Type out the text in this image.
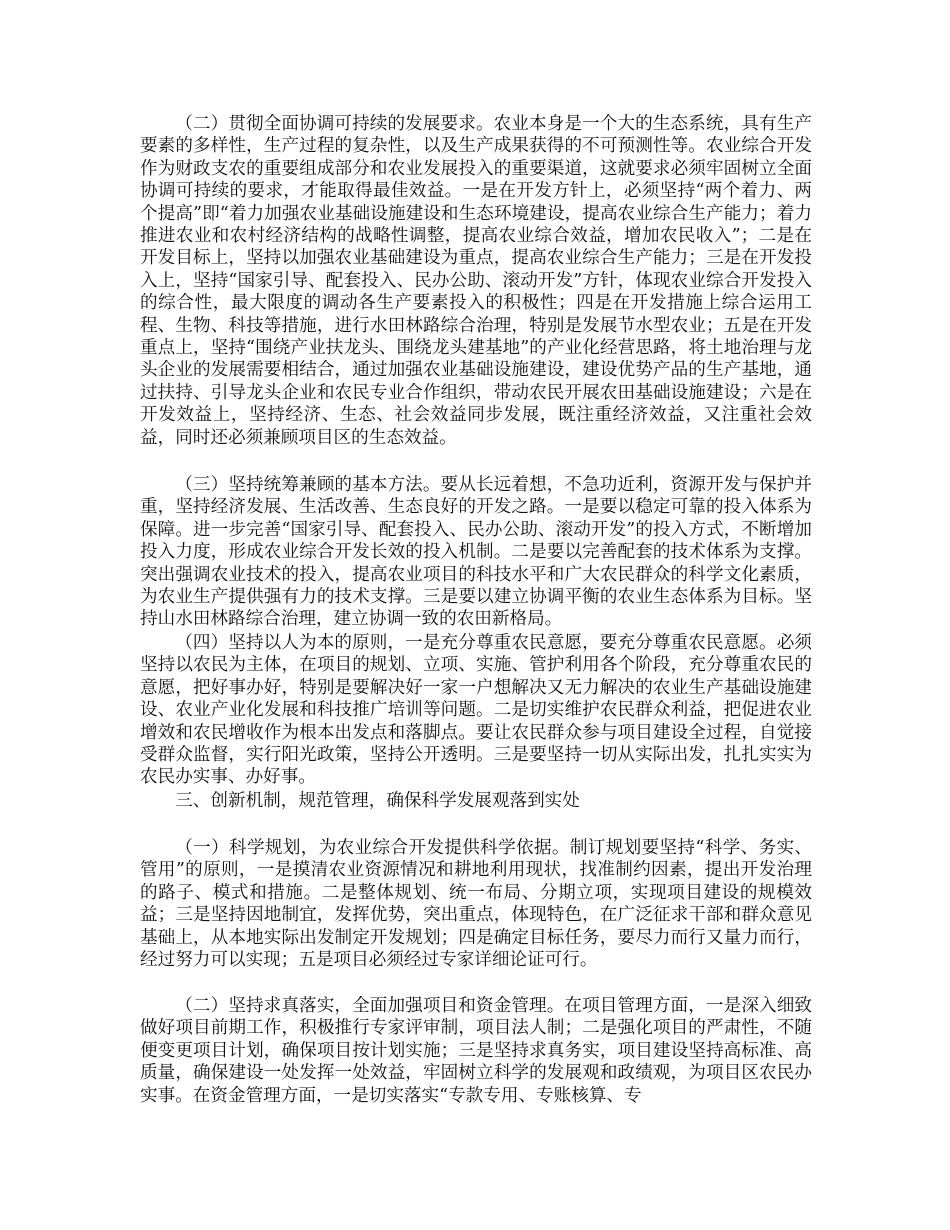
（二）贯彻全面协调可持续的发展要求。农业本身是一个大的生态系统，具有生产要素的多样性，生产过程的复杂性，以及生产成果获得的不可预测性等。农业综合开发作为财政支农的重要组成部分和农业发展投入的重要渠道，这就要求必须牢固树立全面协调可持续的要求，才能取得最佳效益。一是在开发方针上，必须坚持“两个着力、两个提高”即“着力加强农业基础设施建设和生态环境建设，提高农业综合生产能力；着力推进农业和农村经济结构的战略性调整，提高农业综合效益，增加农民收入”；二是在开发目标上，坚持以加强农业基础建设为重点，提高农业综合生产能力；三是在开发投入上，坚持“国家引导、配套投入、民办公助、滚动开发”方针，体现农业综合开发投入的综合性，最大限度的调动各生产要素投入的积极性；四是在开发措施上综合运用工程、生物、科技等措施，进行水田林路综合治理，特别是发展节水型农业；五是在开发重点上，坚持“围绕产业扶龙头、围绕龙头建基地”的产业化经营思路，将土地治理与龙头企业的发展需要相结合，通过加强农业基础设施建设，建设优势产品的生产基地，通过扶持、引导龙头企业和农民专业合作组织，带动农民开展农田基础设施建设；六是在开发效益上，坚持经济、生态、社会效益同步发展，既注重经济效益，又注重社会效益，同时还必须兼顾项目区的生态效益。

（三）坚持统筹兼顾的基本方法。要从长远着想，不急功近利，资源开发与保护并重，坚持经济发展、生活改善、生态良好的开发之路。一是要以稳定可靠的投入体系为保障。进一步完善“国家引导、配套投入、民办公助、滚动开发”的投入方式，不断增加投入力度，形成农业综合开发长效的投入机制。二是要以完善配套的技术体系为支撑。突出强调农业技术的投入，提高农业项目的科技水平和广大农民群众的科学文化素质，为农业生产提供强有力的技术支撑。三是要以建立协调平衡的农业生态体系为目标。坚持山水田林路综合治理，建立协调一致的农田新格局。

（四）坚持以人为本的原则，一是充分尊重农民意愿，要充分尊重农民意愿。必须坚持以农民为主体，在项目的规划、立项、实施、管护利用各个阶段，充分尊重农民的意愿，把好事办好，特别是要解决好一家一户想解决又无力解决的农业生产基础设施建设、农业产业化发展和科技推广培训等问题。二是切实维护农民群众利益，把促进农业增效和农民增收作为根本出发点和落脚点。要让农民群众参与项目建设全过程，自觉接受群众监督，实行阳光政策，坚持公开透明。三是要坚持一切从实际出发，扎扎实实为农民办实事、办好事。

三、创新机制，规范管理，确保科学发展观落到实处

（一）科学规划，为农业综合开发提供科学依据。制订规划要坚持“科学、务实、管用”的原则，一是摸清农业资源情况和耕地利用现状，找准制约因素，提出开发治理的路子、模式和措施。二是整体规划、统一布局、分期立项，实现项目建设的规模效益；三是坚持因地制宜，发挥优势，突出重点，体现特色，在广泛征求干部和群众意见基础上，从本地实际出发制定开发规划；四是确定目标任务，要尽力而行又量力而行，经过努力可以实现；五是项目必须经过专家详细论证可行。

（二）坚持求真落实，全面加强项目和资金管理。在项目管理方面，一是深入细致做好项目前期工作，积极推行专家评审制，项目法人制；二是强化项目的严肃性，不随便变更项目计划，确保项目按计划实施；三是坚持求真务实，项目建设坚持高标准、高质量，确保建设一处发挥一处效益，牢固树立科学的发展观和政绩观，为项目区农民办实事。在资金管理方面，一是切实落实“专款专用、专账核算、专
